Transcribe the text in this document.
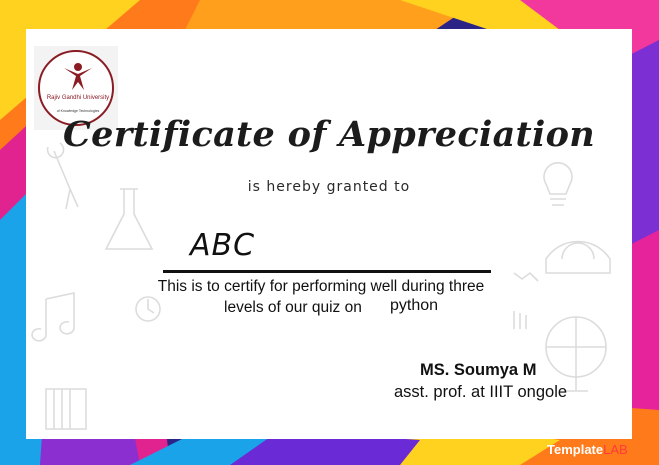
Rajiv Gandhi University
of Knowledge Technologies
Certificate of Appreciation
is hereby granted to
ABC
This is to certify for performing well during three
levels of our quiz on python
MS. Soumya M
asst. prof. at IIIT ongole
TemplateLAB
